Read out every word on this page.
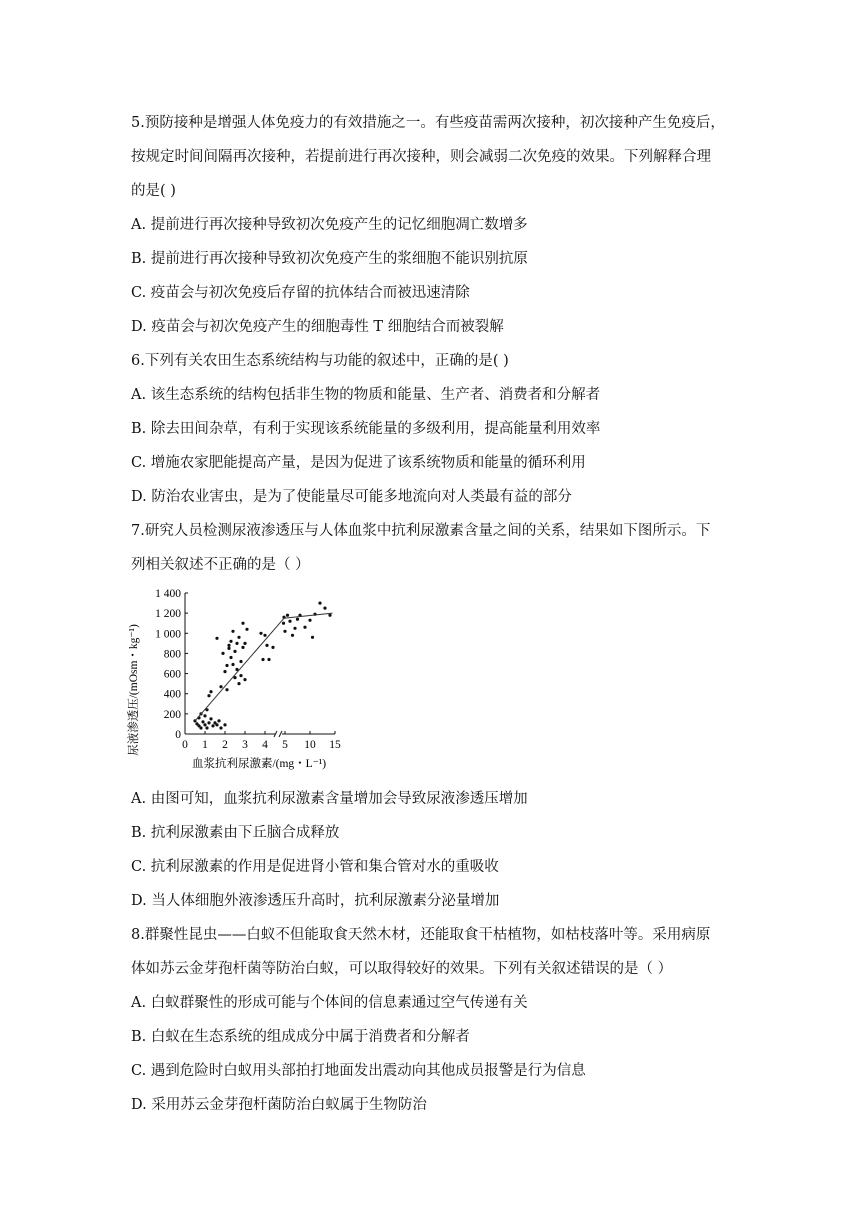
5.预防接种是增强人体免疫力的有效措施之一。有些疫苗需两次接种，初次接种产生免疫后，
按规定时间间隔再次接种，若提前进行再次接种，则会减弱二次免疫的效果。下列解释合理
的是( )
A. 提前进行再次接种导致初次免疫产生的记忆细胞凋亡数增多
B. 提前进行再次接种导致初次免疫产生的浆细胞不能识别抗原
C. 疫苗会与初次免疫后存留的抗体结合而被迅速清除
D. 疫苗会与初次免疫产生的细胞毒性 T 细胞结合而被裂解
6.下列有关农田生态系统结构与功能的叙述中，正确的是( )
A. 该生态系统的结构包括非生物的物质和能量、生产者、消费者和分解者
B. 除去田间杂草，有利于实现该系统能量的多级利用，提高能量利用效率
C. 增施农家肥能提高产量，是因为促进了该系统物质和能量的循环利用
D. 防治农业害虫，是为了使能量尽可能多地流向对人类最有益的部分
7.研究人员检测尿液渗透压与人体血浆中抗利尿激素含量之间的关系，结果如下图所示。下
列相关叙述不正确的是（ ）
0
200
400
600
800
1 000
1 200
1 400
0 1 2 3 4 5 10 15
尿液渗透压/(mOsm・kg⁻¹)
血浆抗利尿激素/(mg・L⁻¹)
A. 由图可知，血浆抗利尿激素含量增加会导致尿液渗透压增加
B. 抗利尿激素由下丘脑合成释放
C. 抗利尿激素的作用是促进肾小管和集合管对水的重吸收
D. 当人体细胞外液渗透压升高时，抗利尿激素分泌量增加
8.群聚性昆虫——白蚁不但能取食天然木材，还能取食干枯植物，如枯枝落叶等。采用病原
体如苏云金芽孢杆菌等防治白蚁，可以取得较好的效果。下列有关叙述错误的是（ ）
A. 白蚁群聚性的形成可能与个体间的信息素通过空气传递有关
B. 白蚁在生态系统的组成成分中属于消费者和分解者
C. 遇到危险时白蚁用头部拍打地面发出震动向其他成员报警是行为信息
D. 采用苏云金芽孢杆菌防治白蚁属于生物防治
